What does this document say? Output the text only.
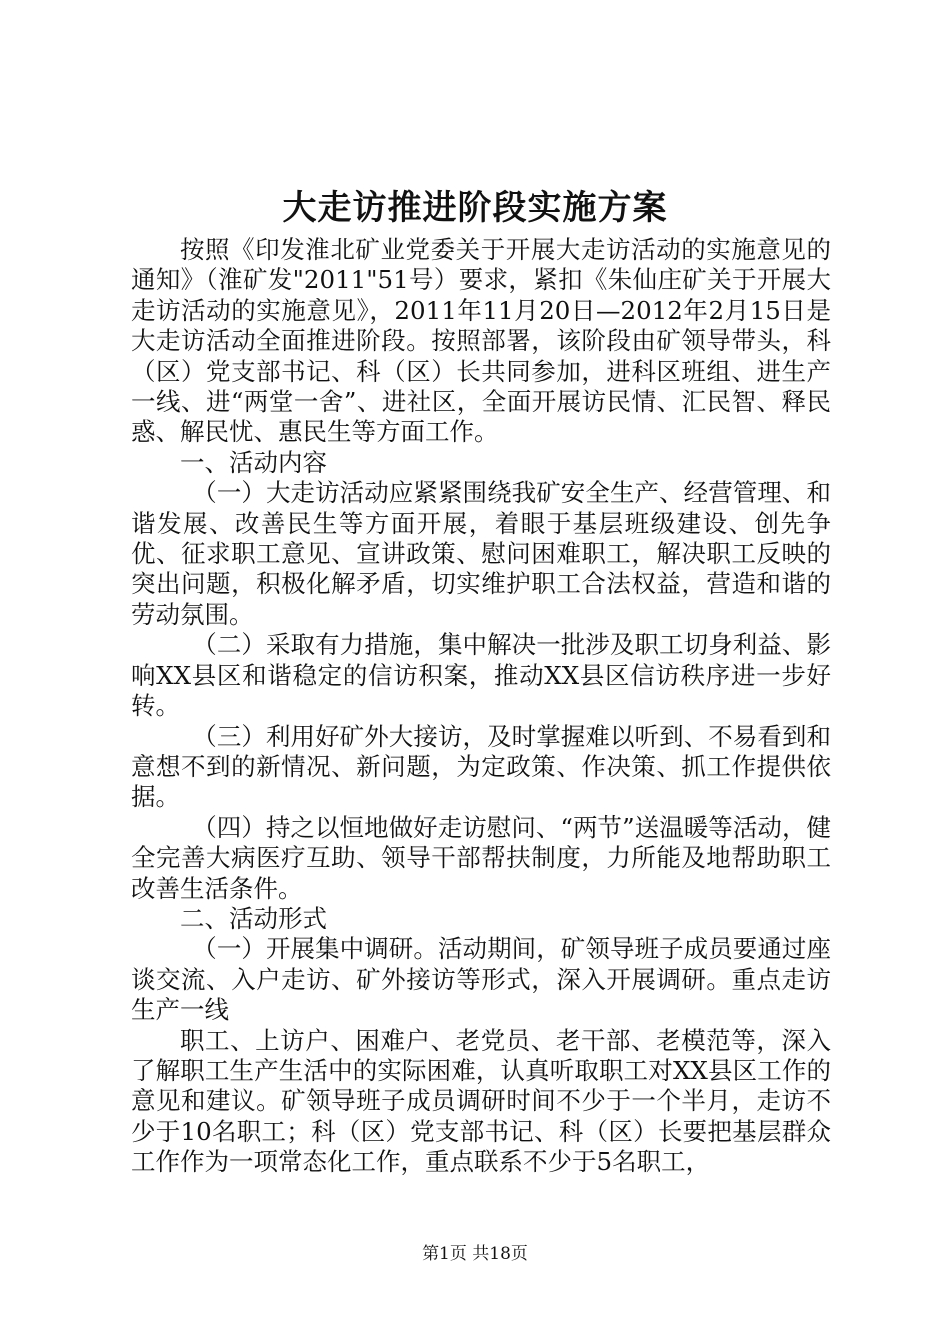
大走访推进阶段实施方案

按照《印发淮北矿业党委关于开展大走访活动的实施意见的通知》（淮矿发"2011"51号）要求，紧扣《朱仙庄矿关于开展大走访活动的实施意见》，2011年11月20日—2012年2月15日是大走访活动全面推进阶段。按照部署，该阶段由矿领导带头，科（区）党支部书记、科（区）长共同参加，进科区班组、进生产一线、进“两堂一舍”、进社区，全面开展访民情、汇民智、释民惑、解民忧、惠民生等方面工作。

一、活动内容

（一）大走访活动应紧紧围绕我矿安全生产、经营管理、和谐发展、改善民生等方面开展，着眼于基层班级建设、创先争优、征求职工意见、宣讲政策、慰问困难职工，解决职工反映的突出问题，积极化解矛盾，切实维护职工合法权益，营造和谐的劳动氛围。

（二）采取有力措施，集中解决一批涉及职工切身利益、影响XX县区和谐稳定的信访积案，推动XX县区信访秩序进一步好转。

（三）利用好矿外大接访，及时掌握难以听到、不易看到和意想不到的新情况、新问题，为定政策、作决策、抓工作提供依据。

（四）持之以恒地做好走访慰问、“两节”送温暖等活动，健全完善大病医疗互助、领导干部帮扶制度，力所能及地帮助职工改善生活条件。

二、活动形式

（一）开展集中调研。活动期间，矿领导班子成员要通过座谈交流、入户走访、矿外接访等形式，深入开展调研。重点走访生产一线

职工、上访户、困难户、老党员、老干部、老模范等，深入了解职工生产生活中的实际困难，认真听取职工对XX县区工作的意见和建议。矿领导班子成员调研时间不少于一个半月，走访不少于10名职工；科（区）党支部书记、科（区）长要把基层群众工作作为一项常态化工作，重点联系不少于5名职工，

第1页 共18页
